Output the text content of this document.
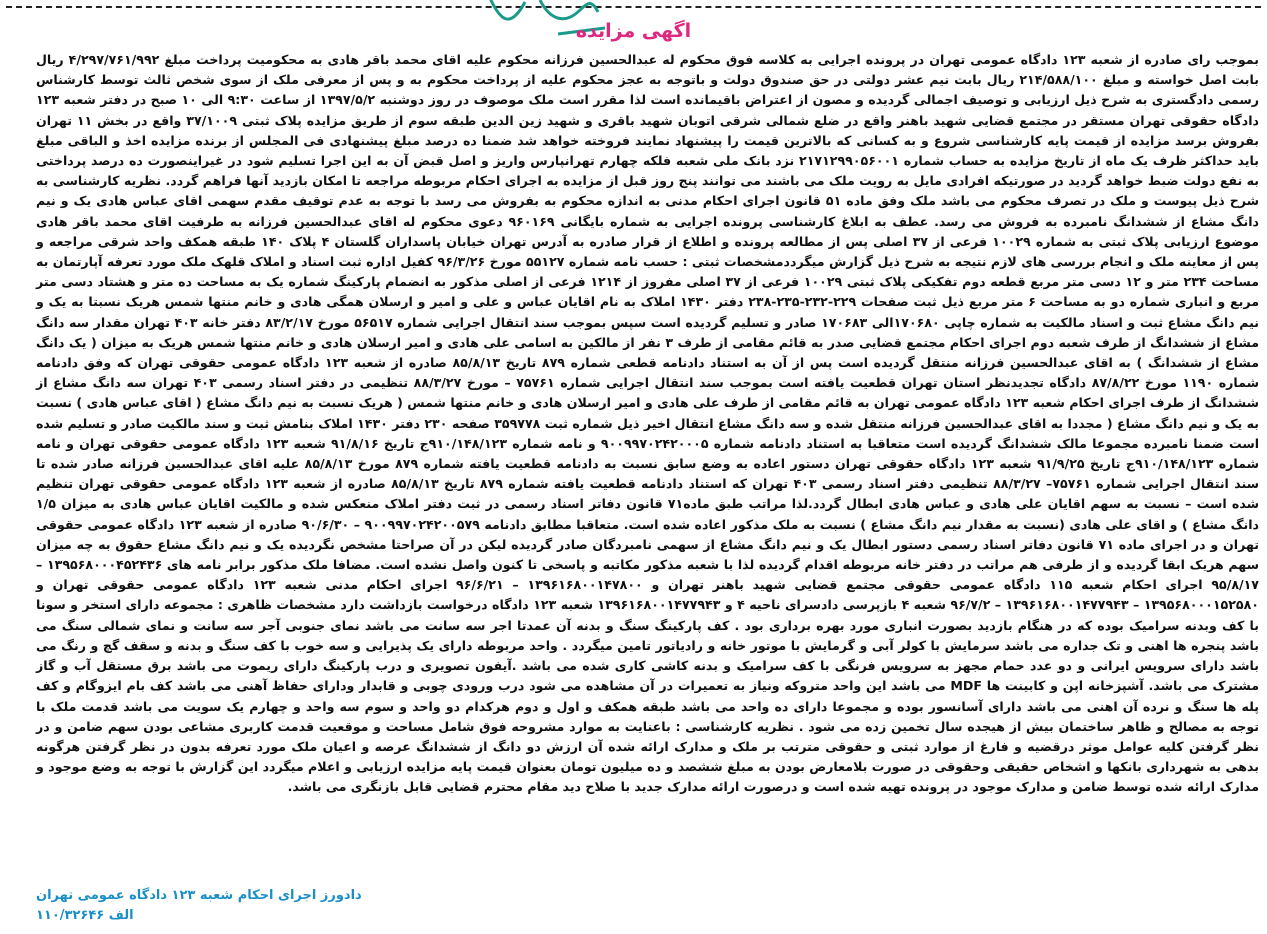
اگهی مزایده
بموجب رای صادره از شعبه ۱۲۳ دادگاه عمومی تهران در پرونده اجرایی به کلاسه فوق محکوم له عبدالحسین فرزانه محکوم علیه اقای محمد باقر هادی به محکومیت پرداخت مبلغ ۴/۲۹۷/۷۶۱/۹۹۲ ریال بابت اصل خواسته و مبلغ ۲۱۴/۵۸۸/۱۰۰ ریال بابت نیم عشر دولتی در حق صندوق دولت و باتوجه به عجز محکوم علیه از پرداخت محکوم به و پس از معرفی ملک از سوی شخص ثالث توسط کارشناس رسمی دادگستری به شرح ذیل ارزیابی و توصیف اجمالی گردیده و مصون از اعتراض باقیمانده است لذا مقرر است ملک موصوف در روز دوشنبه ۱۳۹۷/۵/۲ از ساعت ۹:۳۰ الی ۱۰ صبح در دفتر شعبه ۱۲۳ دادگاه حقوقی تهران مستقر در مجتمع قضایی شهید باهنر واقع در ضلع شمالی شرقی اتوبان شهید باقری و شهید زین الدین طبقه سوم از طریق مزایده پلاک ثبتی ۳۷/۱۰۰۹ واقع در بخش ۱۱ تهران بفروش برسد مزایده از قیمت پایه کارشناسی شروع و به کسانی که بالاترین قیمت را پیشنهاد نمایند فروخته خواهد شد ضمنا ده درصد مبلغ پیشنهادی فی المجلس از برنده مزایده اخذ و الباقی مبلغ باید حداکثر ظرف یک ماه از تاریخ مزایده به حساب شماره ۲۱۷۱۲۹۹۰۵۶۰۰۱ نزد بانک ملی شعبه فلکه چهارم تهرانپارس واریز و اصل قبض آن به این اجرا تسلیم شود در غیراینصورت ده درصد پرداختی به نفع دولت ضبط خواهد گردید در صورتیکه افرادی مایل به رویت ملک می باشند می توانند پنج روز قبل از مزایده به اجرای احکام مربوطه مراجعه تا امکان بازدید آنها فراهم گردد. نظریه کارشناسی به شرح ذیل پیوست و ملک در تصرف محکوم می باشد ملک وفق ماده ۵۱ قانون اجرای احکام مدنی به اندازه محکوم به بفروش می رسد با توجه به عدم توقیف مقدم سهمی اقای عباس هادی یک و نیم دانگ مشاع از ششدانگ نامبرده به فروش می رسد. عطف به ابلاغ کارشناسی پرونده اجرایی به شماره بایگانی ۹۶۰۱۶۹ دعوی محکوم له اقای عبدالحسین فرزانه به طرفیت اقای محمد باقر هادی موضوع ارزیابی پلاک ثبتی به شماره ۱۰۰۲۹ فرعی از ۳۷ اصلی پس از مطالعه پرونده و اطلاع از قرار صادره به آدرس تهران خیابان پاسداران گلستان ۴ پلاک ۱۴۰ طبقه همکف واحد شرقی مراجعه و پس از معاینه ملک و انجام بررسی های لازم نتیجه به شرح ذیل گزارش میگرددمشخصات ثبتی : حسب نامه شماره ۵۵۱۲۷ مورخ ۹۶/۳/۲۶ کفیل اداره ثبت اسناد و املاک قلهک ملک مورد تعرفه آپارتمان به مساحت ۲۳۴ متر و ۱۲ دسی متر مربع قطعه دوم تفکیکی پلاک ثبتی ۱۰۰۲۹ فرعی از ۳۷ اصلی مفروز از ۱۲۱۴ فرعی از اصلی مذکور به انضمام پارکینگ شماره یک به مساحت ده متر و هشتاد دسی متر مربع و انباری شماره دو به مساحت ۶ متر مربع ذیل ثبت صفحات ۲۲۹-۲۳۲-۲۳۵-۲۳۸ دفتر ۱۴۳۰ املاک به نام اقایان عباس و علی و امیر و ارسلان همگی هادی و خانم منتها شمس هریک نسبتا به یک و نیم دانگ مشاع ثبت و اسناد مالکیت به شماره چاپی ۱۷۰۶۸۰الی ۱۷۰۶۸۳ صادر و تسلیم گردیده است سپس بموجب سند انتقال اجرایی شماره ۵۶۵۱۷ مورخ ۸۳/۲/۱۷ دفتر خانه ۴۰۳ تهران مقدار سه دانگ مشاع از ششدانگ از طرف شعبه دوم اجرای احکام مجتمع قضایی صدر به قائم مقامی از طرف ۳ نفر از مالکین به اسامی علی هادی و امیر ارسلان هادی و خانم منتها شمس هریک به میزان ( یک دانگ مشاع از ششدانگ ) به اقای عبدالحسین فرزانه منتقل گردیده است پس از آن به استناد دادنامه قطعی شماره ۸۷۹ تاریخ ۸۵/۸/۱۳ صادره از شعبه ۱۲۳ دادگاه عمومی حقوقی تهران که وفق دادنامه شماره ۱۱۹۰ مورخ ۸۷/۸/۲۲ دادگاه تجدیدنظر استان تهران قطعیت یافته است بموجب سند انتقال اجرایی شماره ۷۵۷۶۱ – مورخ ۸۸/۳/۲۷ تنظیمی در دفتر اسناد رسمی ۴۰۳ تهران سه دانگ مشاع از ششدانگ از طرف اجرای احکام شعبه ۱۲۳ دادگاه عمومی تهران به قائم مقامی از طرف علی هادی و امیر ارسلان هادی و خانم منتها شمس ( هریک نسبت به نیم دانگ مشاع ( اقای عباس هادی ) نسبت به یک و نیم دانگ مشاع ( مجددا به اقای عبدالحسین فرزانه منتقل شده و سه دانگ مشاع انتقال اخیر ذیل شماره ثبت ۳۵۹۷۷۸ صفحه ۲۳۰ دفتر ۱۴۳۰ املاک بنامش ثبت و سند مالکیت صادر و تسلیم شده است ضمنا نامبرده مجموعا مالک ششدانگ گردیده است متعاقبا به استناد دادنامه شماره ۹۰۰۹۹۷۰۲۴۲۰۰۰۵ و نامه شماره ۹۱۰/۱۴۸/۱۲۳ج تاریخ ۹۱/۸/۱۶ شعبه ۱۲۳ دادگاه عمومی حقوقی تهران و نامه شماره ۹۱۰/۱۴۸/۱۲۳ج تاریخ ۹۱/۹/۲۵ شعبه ۱۲۳ دادگاه حقوقی تهران دستور اعاده به وضع سابق نسبت به دادنامه قطعیت یافته شماره ۸۷۹ مورخ ۸۵/۸/۱۳ علیه اقای عبدالحسین فرزانه صادر شده تا سند انتقال اجرایی شماره ۷۵۷۶۱– ۸۸/۳/۲۷ تنظیمی دفتر اسناد رسمی ۴۰۳ تهران که استناد دادنامه قطعیت یافته شماره ۸۷۹ تاریخ ۸۵/۸/۱۳ صادره از شعبه ۱۲۳ دادگاه عمومی حقوقی تهران تنظیم شده است – نسبت به سهم اقایان علی هادی و عباس هادی ابطال گردد.لذا مراتب طبق ماده۷۱ قانون دفاتر اسناد رسمی در ثبت دفتر املاک منعکس شده و مالکیت اقایان عباس هادی به میزان ۱/۵ دانگ مشاع ) و اقای علی هادی (نسبت به مقدار نیم دانگ مشاع ) نسبت به ملک مذکور اعاده شده است. متعاقبا مطابق دادنامه ۹۰۰۹۹۷۰۲۴۲۰۰۵۷۹ – ۹۰/۶/۳۰ صادره از شعبه ۱۲۳ دادگاه عمومی حقوقی تهران و در اجرای ماده ۷۱ قانون دفاتر اسناد رسمی دستور ابطال یک و نیم دانگ مشاع از سهمی نامبردگان صادر گردیده لیکن در آن صراحتا مشخص نگردیده یک و نیم دانگ مشاع حقوق به چه میزان سهم هریک ابقا گردیده و از طرفی هم مراتب در دفتر خانه مربوطه اقدام گردیده لذا با شعبه مذکور مکاتبه و پاسخی تا کنون واصل نشده است. مضافا ملک مذکور برابر نامه های ۱۳۹۵۶۸۰۰۰۴۵۲۴۳۶ – ۹۵/۸/۱۷ اجرای احکام شعبه ۱۱۵ دادگاه عمومی حقوقی مجتمع قضایی شهید باهنر تهران و ۱۳۹۶۱۶۸۰۰۱۴۷۸۰۰ – ۹۶/۶/۲۱ اجرای احکام مدنی شعبه ۱۲۳ دادگاه عمومی حقوقی تهران و ۱۳۹۵۶۸۰۰۰۱۵۲۵۸۰ – ۱۳۹۶۱۶۸۰۰۱۴۷۷۹۴۳ – ۹۶/۷/۲ شعبه ۴ بازپرسی دادسرای ناحیه ۴ و ۱۳۹۶۱۶۸۰۰۱۴۷۷۹۴۳ شعبه ۱۲۳ دادگاه درخواست بازداشت دارد مشخصات ظاهری : مجموعه دارای استخر و سونا با کف وبدنه سرامیک بوده که در هنگام بازدید بصورت انباری مورد بهره برداری بود . کف پارکینگ سنگ و بدنه آن عمدتا اجر سه سانت می باشد نمای جنوبی آجر سه سانت و نمای شمالی سنگ می باشد پنجره ها اهنی و تک جداره می باشد سرمایش با کولر آبی و گرمایش با موتور خانه و رادیاتور تامین میگردد . واحد مربوطه دارای یک پذیرایی و سه خوب با کف سنگ و بدنه و سقف گچ و رنگ می باشد دارای سرویس ایرانی و دو عدد حمام مجهز به سرویس فرنگی با کف سرامیک و بدنه کاشی کاری شده می باشد .آیفون تصویری و درب پارکینگ دارای ریموت می باشد برق مستقل آب و گاز مشترک می باشد. آشپزخانه اپن و کابینت ها MDF می باشد این واحد متروکه ونیاز به تعمیرات در آن مشاهده می شود درب ورودی چوبی و قابدار ودارای حفاظ آهنی می باشد کف بام ایزوگام و کف پله ها سنگ و نرده آن اهنی می باشد دارای آسانسور بوده و مجموعا دارای ده واحد می باشد طبقه همکف و اول و دوم هرکدام دو واحد و سوم سه واحد و چهارم یک سویت می باشد قدمت ملک با توجه به مصالح و ظاهر ساختمان بیش از هیجده سال تخمین زده می شود . نظریه کارشناسی : باعنایت به موارد مشروحه فوق شامل مساحت و موقعیت قدمت کاربری مشاعی بودن سهم ضامن و در نظر گرفتن کلیه عوامل موثر درقضیه و فارغ از موارد ثبتی و حقوقی مترتب بر ملک و مدارک ارائه شده آن ارزش دو دانگ از ششدانگ عرصه و اعیان ملک مورد تعرفه بدون در نظر گرفتن هرگونه بدهی به شهرداری بانکها و اشخاص حقیقی وحقوقی در صورت بلامعارض بودن به مبلغ ششصد و ده میلیون تومان بعنوان قیمت پایه مزایده ارزیابی و اعلام میگردد این گزارش با توجه به وضع موجود و مدارک ارائه شده توسط ضامن و مدارک موجود در پرونده تهیه شده است و درصورت ارائه مدارک جدید با صلاح دید مقام محترم قضایی قابل بازنگری می باشد.
دادورز اجرای احکام شعبه ۱۲۳ دادگاه عمومی تهران
۱۱۰/۳۲۶۴۶ الف
